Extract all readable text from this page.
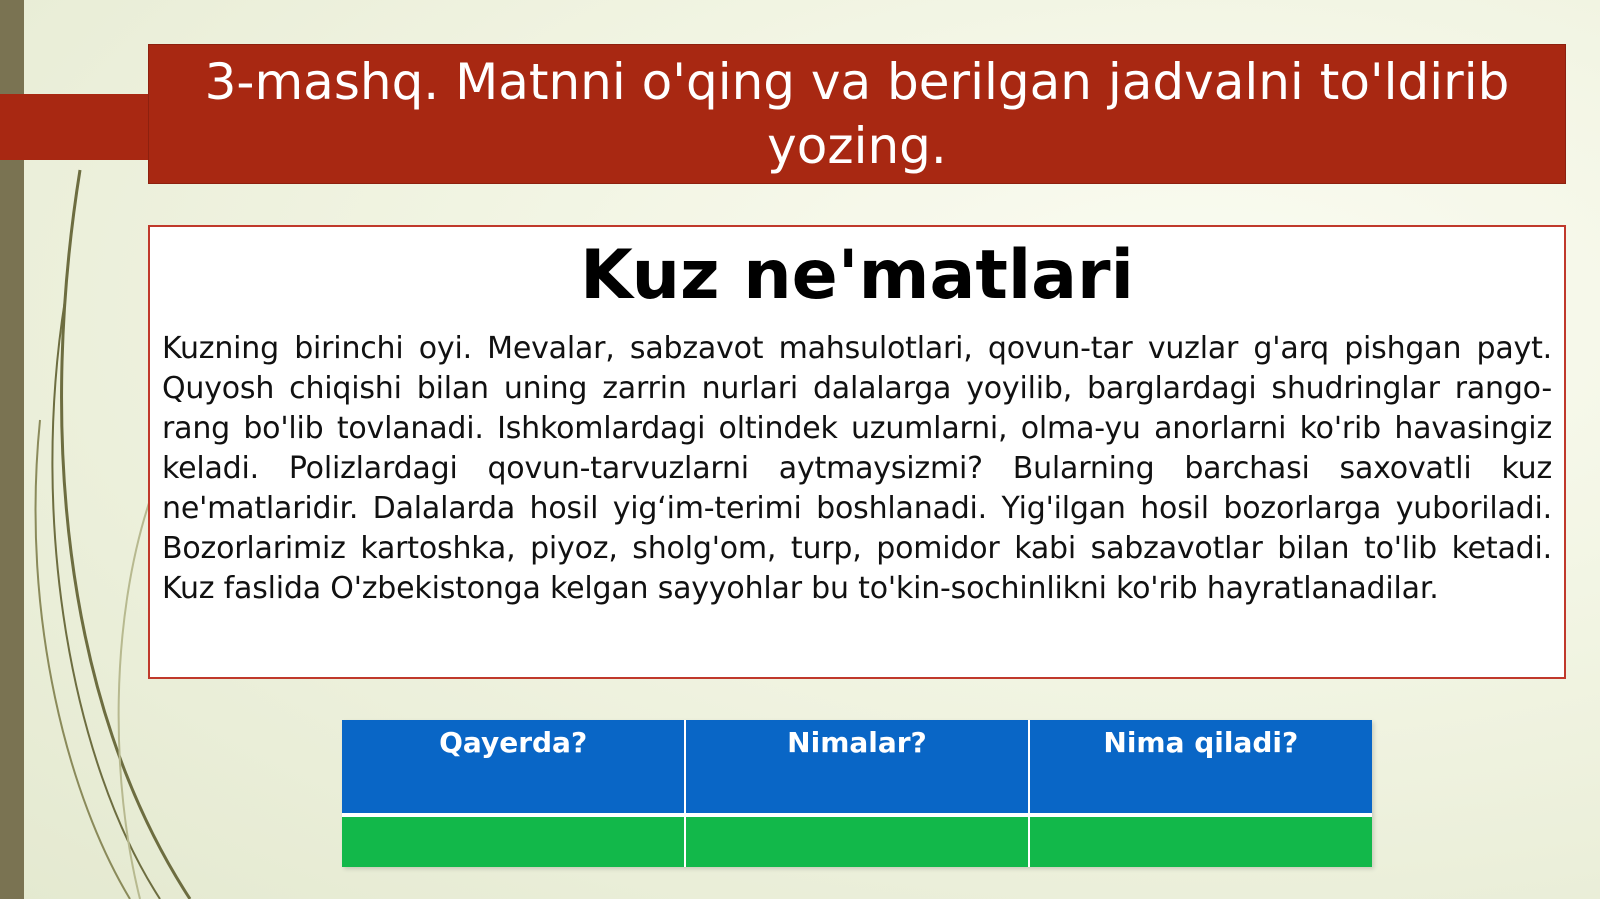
3-mashq. Matnni o'qing va berilgan jadvalni to'ldirib yozing.
Kuz ne'matlari

Kuzning birinchi oyi. Mevalar, sabzavot mahsulotlari, qovun-tar vuzlar g'arq pishgan payt. Quyosh chiqishi bilan uning zarrin nurlari dalalarga yoyilib, barglardagi shudringlar rango-rang bo'lib tovlanadi. Ishkomlardagi oltindek uzumlarni, olma-yu anorlarni ko'rib havasingiz keladi. Polizlardagi qovun-tarvuzlarni aytmaysizmi? Bularning barchasi saxovatli kuz ne'matlaridir. Dalalarda hosil yig‘im-terimi boshlanadi. Yig'ilgan hosil bozorlarga yuboriladi. Bozorlarimiz kartoshka, piyoz, sholg'om, turp, pomidor kabi sabzavotlar bilan to'lib ketadi. Kuz faslida O'zbekistonga kelgan sayyohlar bu to'kin-sochinlikni ko'rib hayratlanadilar.

Qayerda?	Nimalar?	Nima qiladi?
